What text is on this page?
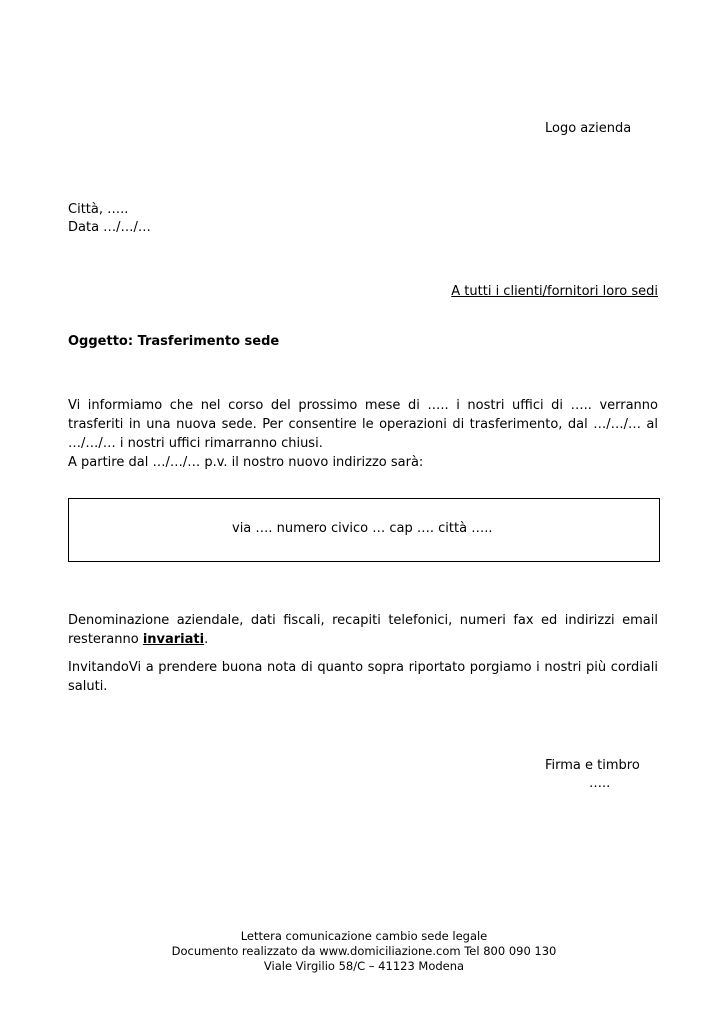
Logo azienda
Città, …..
Data …/…/…
A tutti i clienti/fornitori loro sedi
Oggetto: Trasferimento sede

Vi informiamo che nel corso del prossimo mese di ….. i nostri uffici di ….. verranno trasferiti in una nuova sede. Per consentire le operazioni di trasferimento, dal …/…/… al …/…/… i nostri uffici rimarranno chiusi.

A partire dal …/…/… p.v. il nostro nuovo indirizzo sarà:

via …. numero civico … cap …. città …..

Denominazione aziendale, dati fiscali, recapiti telefonici, numeri fax ed indirizzi email resteranno invariati.

InvitandoVi a prendere buona nota di quanto sopra riportato porgiamo i nostri più cordiali saluti.

Firma e timbro
…..
Lettera comunicazione cambio sede legale
Documento realizzato da www.domiciliazione.com Tel 800 090 130
Viale Virgilio 58/C – 41123 Modena
